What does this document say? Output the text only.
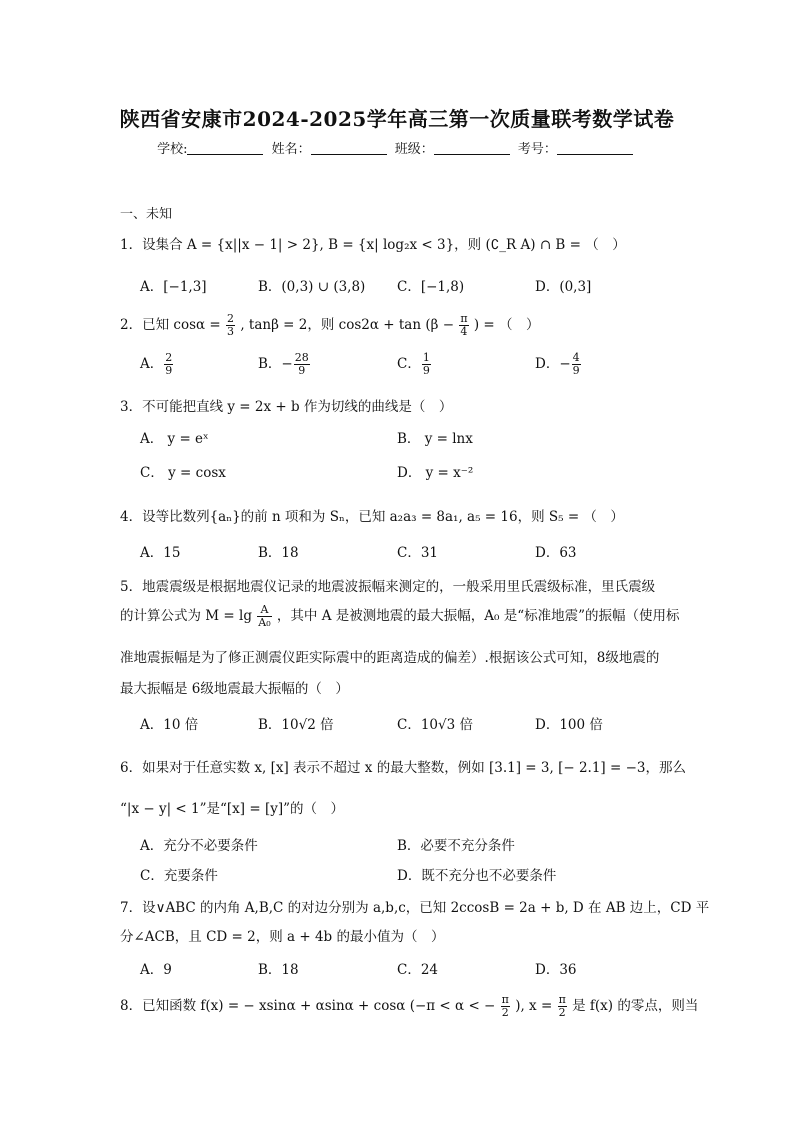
陕西省安康市2024-2025学年高三第一次质量联考数学试卷
学校:	姓名：	班级：	考号：
一、未知
1．设集合 A = {x||x − 1| > 2}, B = {x| log₂x < 3}，则 (∁_R A) ∩ B = （　）
A．[−1,3]	B．(0,3) ∪ (3,8) C．[−1,8)	D．(0,3]
2．已知 $\cos\alpha = \frac{2}{3}$ , tanβ = 2，则 $\cos 2\alpha + \tan (\beta - \frac{\pi}{4}$ ) = （　）
A． $\frac{2}{9}$	B．− $\frac{28}{9}$	C． $\frac{1}{9}$	D．− $\frac{4}{9}$
3．不可能把直线 y = 2x + b 作为切线的曲线是（　）
A． y = eˣ	B． y = lnx
C． y = cosx	D． y = x⁻²
4．设等比数列{aₙ}的前 n 项和为 Sₙ，已知 a₂a₃ = 8a₁, a₅ = 16，则 S₅ = （　）
A．15	B．18	C．31	D．63
5．地震震级是根据地震仪记录的地震波振幅来测定的，一般采用里氏震级标准，里氏震级
的计算公式为 $M = \lg \frac{A}{\text{A₀}}$ ，其中 A 是被测地震的最大振幅，A₀ 是“标准地震”的振幅（使用标
准地震振幅是为了修正测震仪距实际震中的距离造成的偏差）.根据该公式可知，8级地震的
最大振幅是 6级地震最大振幅的（　）
A．10 倍	B．10√2 倍	C．10√3 倍	D．100 倍
6．如果对于任意实数 x, [x] 表示不超过 x 的最大整数，例如 [3.1] = 3, [− 2.1] = −3，那么
“|x − y| < 1”是“[x] = [y]”的（　）
A．充分不必要条件	B．必要不充分条件
C．充要条件	D．既不充分也不必要条件
7．设∨ABC 的内角 A,B,C 的对边分别为 a,b,c，已知 2ccosB = 2a + b, D 在 AB 边上，CD 平
分∠ACB，且 CD = 2，则 a + 4b 的最小值为（　）
A．9	B．18	C．24	D．36
8．已知函数 f(x) = − xsinα + αsinα + cosα (−π < α < − $\frac{\pi}{2}$ ), $x = \frac{\pi}{2}$ 是 f(x) 的零点，则当
